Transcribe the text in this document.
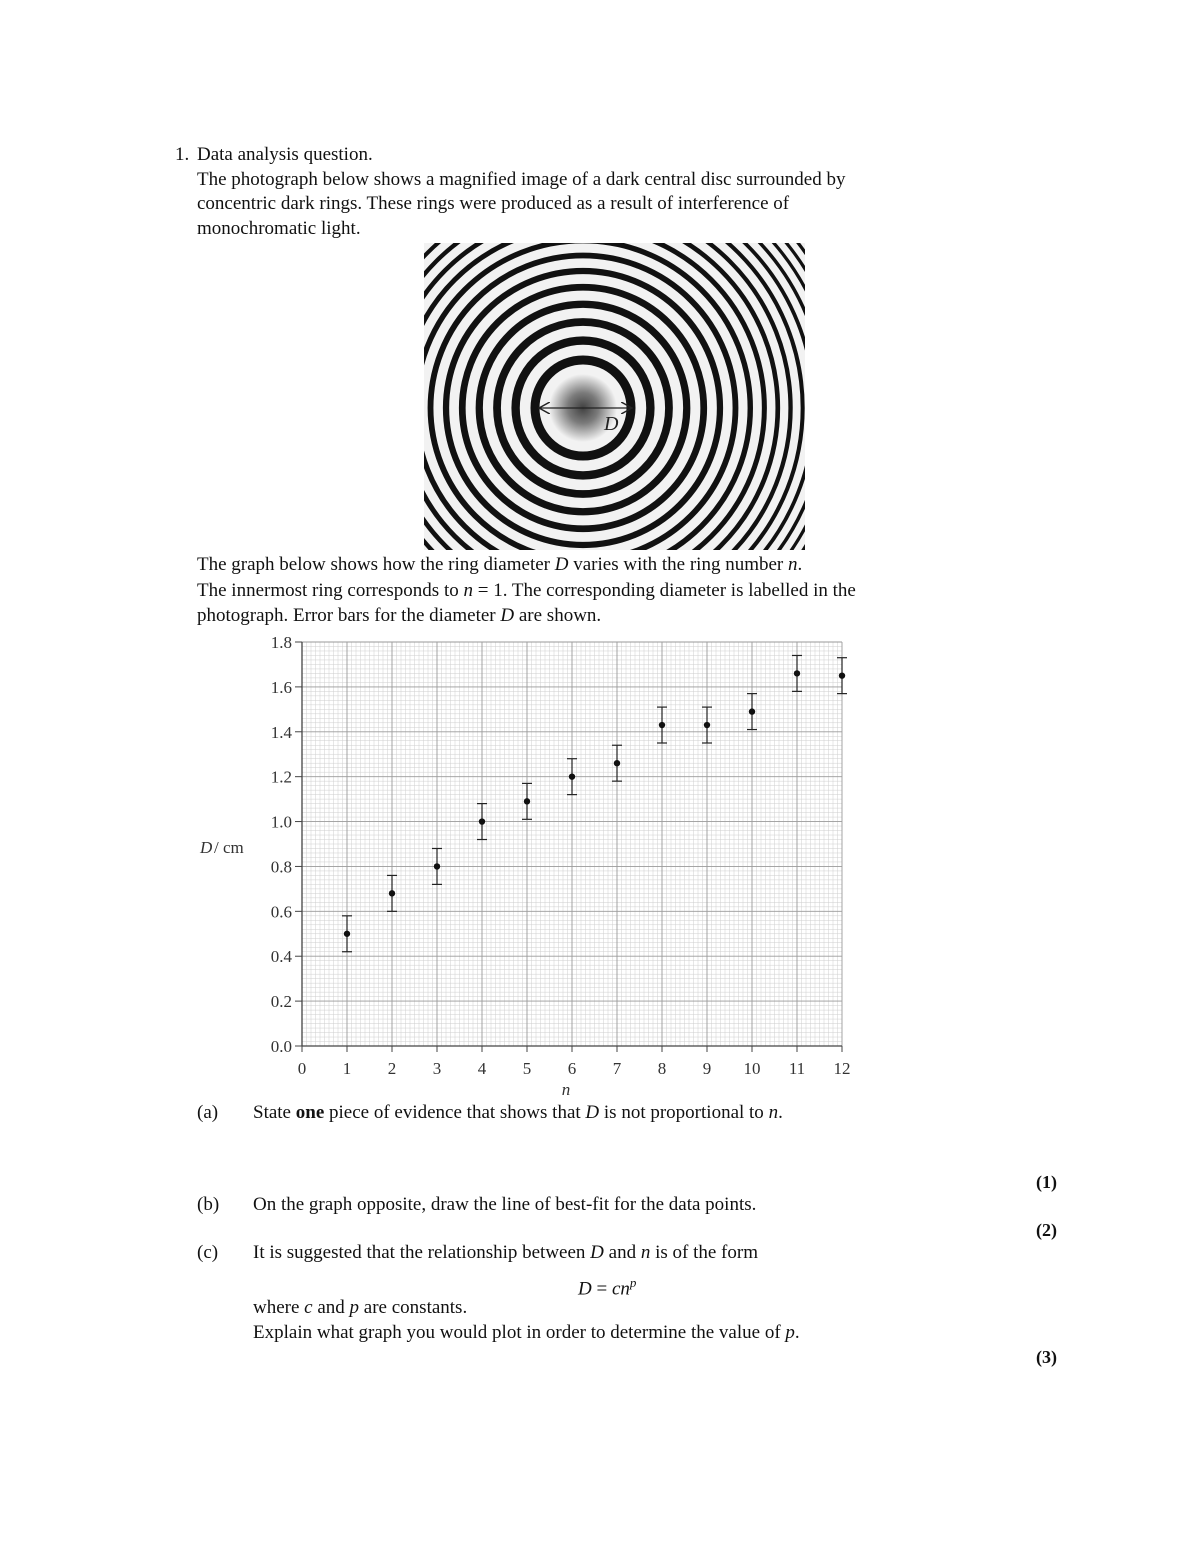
1. Data analysis question.
The photograph below shows a magnified image of a dark central disc surrounded by
concentric dark rings. These rings were produced as a result of interference of
monochromatic light.
D
The graph below shows how the ring diameter D varies with the ring number n.
The innermost ring corresponds to n = 1. The corresponding diameter is labelled in the
photograph. Error bars for the diameter D are shown.
0.0
0.2
0.4
0.6
0.8
1.0
1.2
1.4
1.6
1.8
0 1 2 3 4 5 6 7 8 9 10 11 12
D / cm
n
(a) State one piece of evidence that shows that D is not proportional to n.
(1)
(b) On the graph opposite, draw the line of best-fit for the data points.
(2)
(c) It is suggested that the relationship between D and n is of the form
$D = cn^p$
where c and p are constants.
Explain what graph you would plot in order to determine the value of p.
(3)
